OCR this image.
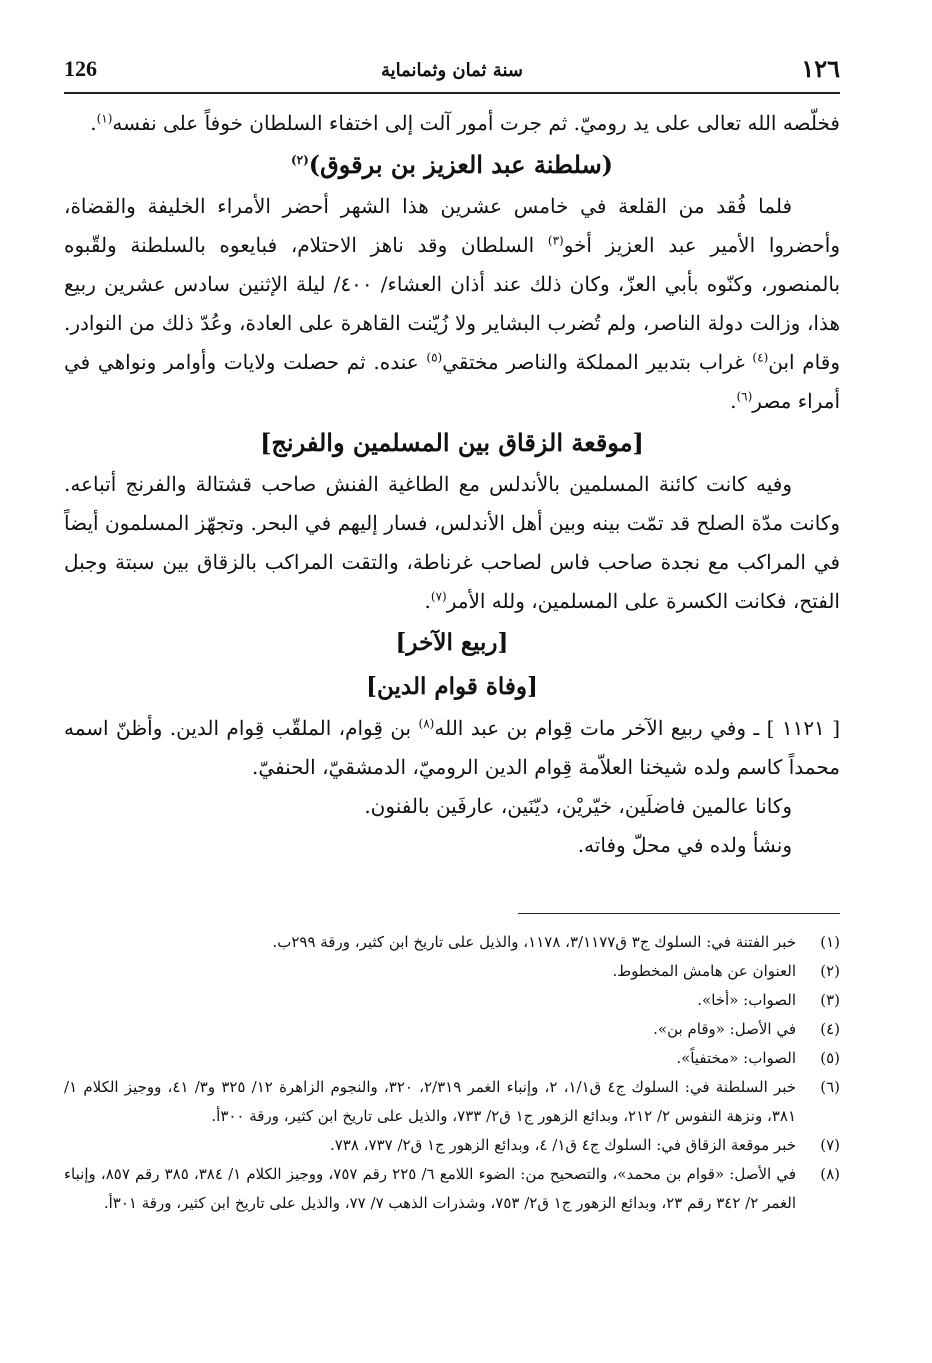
126	سنة ثمان وثمانماية	١٢٦

فخلّصه الله تعالى على يد روميّ. ثم جرت أمور آلت إلى اختفاء السلطان خوفاً على نفسه$^{(١)}$.

(سلطنة عبد العزيز بن برقوق)$^{(٢)}$

فلما فُقد من القلعة في خامس عشرين هذا الشهر أحضر الأمراء الخليفة والقضاة، وأحضروا الأمير عبد العزيز أخو$^{(٣)}$ السلطان وقد ناهز الاحتلام، فبايعوه بالسلطنة ولقّبوه بالمنصور، وكنّوه بأبي العزّ، وكان ذلك عند أذان العشاء/ ٤٠٠/ ليلة الإثنين سادس عشرين ربيع هذا، وزالت دولة الناصر، ولم تُضرب البشاير ولا زُيّنت القاهرة على العادة، وعُدّ ذلك من النوادر. وقام ابن$^{(٤)}$ غراب بتدبير المملكة والناصر مختقي$^{(٥)}$ عنده. ثم حصلت ولايات وأوامر ونواهي في أمراء مصر$^{(٦)}$.

[موقعة الزقاق بين المسلمين والفرنج]

وفيه كانت كائنة المسلمين بالأندلس مع الطاغية الفنش صاحب قشتالة والفرنج أتباعه. وكانت مدّة الصلح قد تمّت بينه وبين أهل الأندلس، فسار إليهم في البحر. وتجهّز المسلمون أيضاً في المراكب مع نجدة صاحب فاس لصاحب غرناطة، والتقت المراكب بالزقاق بين سبتة وجبل الفتح، فكانت الكسرة على المسلمين، ولله الأمر$^{(٧)}$.

[ربيع الآخر]

[وفاة قوام الدين]

[ ١١٢١ ] ـ وفي ربيع الآخر مات قِوام بن عبد الله$^{(٨)}$ بن قِوام، الملقّب قِوام الدين. وأظنّ اسمه محمداً كاسم ولده شيخنا العلاّمة قِوام الدين الروميّ، الدمشقيّ، الحنفيّ.

وكانا عالمين فاضلَين، خيّريْن، ديّنَين، عارفَين بالفنون.

ونشأ ولده في محلّ وفاته.

(١)
خبر الفتنة في: السلوك ج٣ ق٣/١١٧٧، ١١٧٨، والذيل على تاريخ ابن كثير، ورقة ٢٩٩ب.
(٢)
العنوان عن هامش المخطوط.
(٣)
الصواب: «أخا».
(٤)
في الأصل: «وقام بن».
(٥)
الصواب: «مختفياً».
(٦)
خبر السلطنة في: السلوك ج٤ ق١/١، ٢، وإنباء الغمر ٢/٣١٩، ٣٢٠، والنجوم الزاهرة ١٢/ ٣٢٥ و٣/ ٤١، ووجيز الكلام ١/ ٣٨١، ونزهة النفوس ٢/ ٢١٢، وبدائع الزهور ج١ ق٢/ ٧٣٣، والذيل على تاريخ ابن كثير، ورقة ٣٠٠أ.
(٧)
خبر موقعة الزقاق في: السلوك ج٤ ق١/ ٤، وبدائع الزهور ج١ ق٢/ ٧٣٧، ٧٣٨.
(٨)
في الأصل: «قوام بن محمد»، والتصحيح من: الضوء اللامع ٦/ ٢٢٥ رقم ٧٥٧، ووجيز الكلام ١/ ٣٨٤، ٣٨٥ رقم ٨٥٧، وإنباء الغمر ٢/ ٣٤٢ رقم ٢٣، وبدائع الزهور ج١ ق٢/ ٧٥٣، وشذرات الذهب ٧/ ٧٧، والذيل على تاريخ ابن كثير، ورقة ٣٠١أ.
